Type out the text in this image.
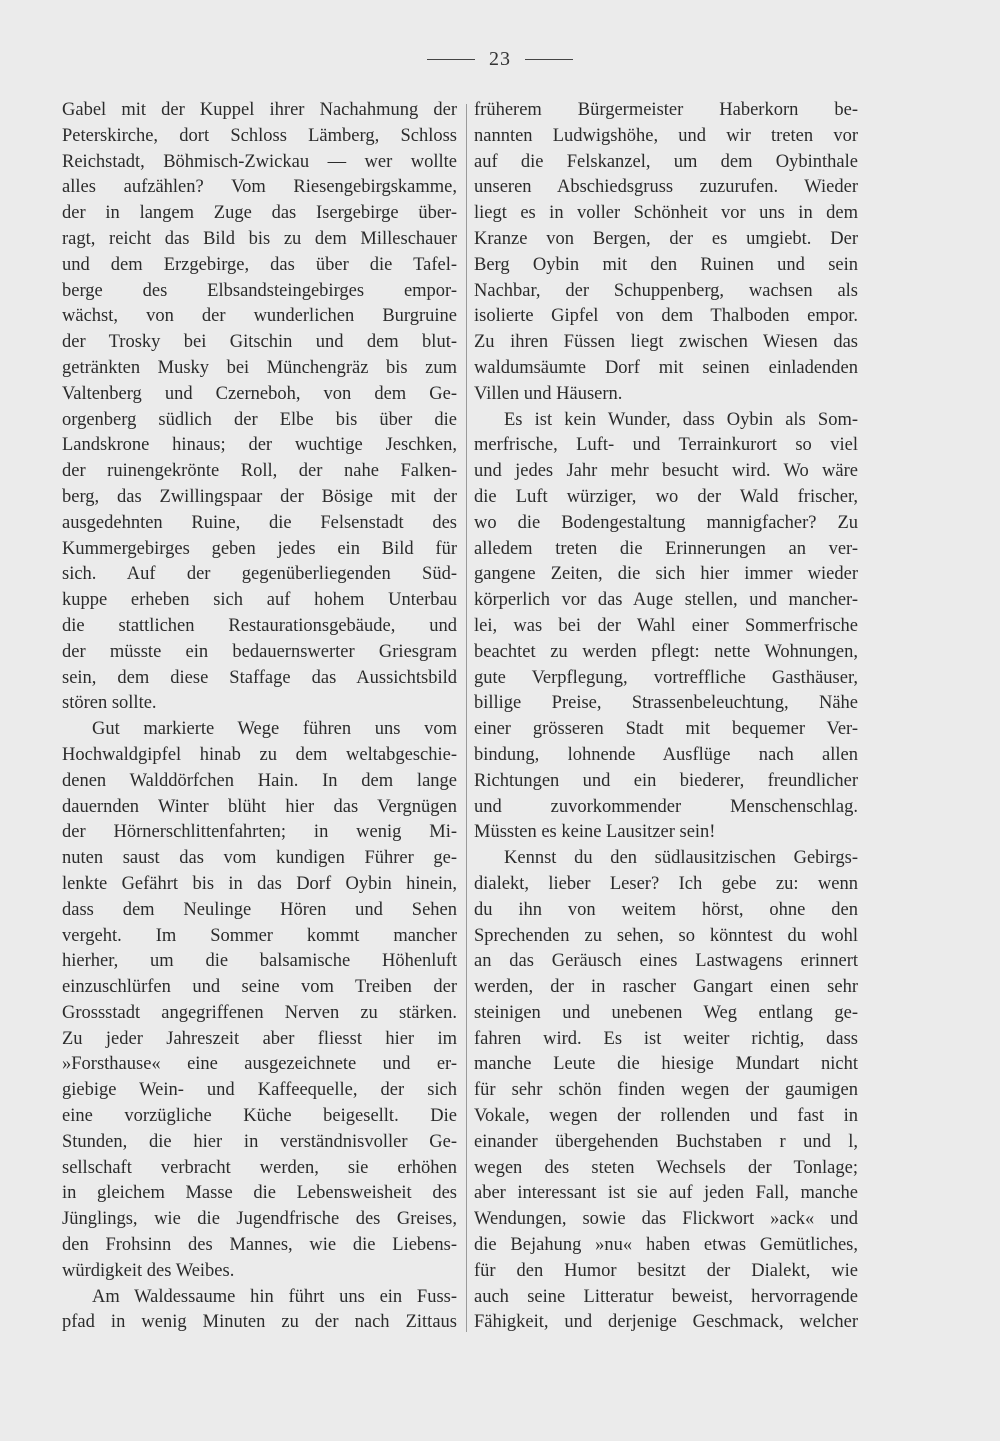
23
Gabel mit der Kuppel ihrer Nachahmung der
Peterskirche, dort Schloss Lämberg, Schloss
Reichstadt, Böhmisch-Zwickau — wer wollte
alles aufzählen? Vom Riesengebirgskamme,
der in langem Zuge das Isergebirge über-
ragt, reicht das Bild bis zu dem Milleschauer
und dem Erzgebirge, das über die Tafel-
berge des Elbsandsteingebirges empor-
wächst, von der wunderlichen Burgruine
der Trosky bei Gitschin und dem blut-
getränkten Musky bei Münchengräz bis zum
Valtenberg und Czerneboh, von dem Ge-
orgenberg südlich der Elbe bis über die
Landskrone hinaus; der wuchtige Jeschken,
der ruinengekrönte Roll, der nahe Falken-
berg, das Zwillingspaar der Bösige mit der
ausgedehnten Ruine, die Felsenstadt des
Kummergebirges geben jedes ein Bild für
sich. Auf der gegenüberliegenden Süd-
kuppe erheben sich auf hohem Unterbau
die stattlichen Restaurationsgebäude, und
der müsste ein bedauernswerter Griesgram
sein, dem diese Staffage das Aussichtsbild
stören sollte.
Gut markierte Wege führen uns vom
Hochwaldgipfel hinab zu dem weltabgeschie-
denen Walddörfchen Hain. In dem lange
dauernden Winter blüht hier das Vergnügen
der Hörnerschlittenfahrten; in wenig Mi-
nuten saust das vom kundigen Führer ge-
lenkte Gefährt bis in das Dorf Oybin hinein,
dass dem Neulinge Hören und Sehen
vergeht. Im Sommer kommt mancher
hierher, um die balsamische Höhenluft
einzuschlürfen und seine vom Treiben der
Grossstadt angegriffenen Nerven zu stärken.
Zu jeder Jahreszeit aber fliesst hier im
»Forsthause« eine ausgezeichnete und er-
giebige Wein- und Kaffeequelle, der sich
eine vorzügliche Küche beigesellt. Die
Stunden, die hier in verständnisvoller Ge-
sellschaft verbracht werden, sie erhöhen
in gleichem Masse die Lebensweisheit des
Jünglings, wie die Jugendfrische des Greises,
den Frohsinn des Mannes, wie die Liebens-
würdigkeit des Weibes.
Am Waldessaume hin führt uns ein Fuss-
pfad in wenig Minuten zu der nach Zittaus
früherem Bürgermeister Haberkorn be-
nannten Ludwigshöhe, und wir treten vor
auf die Felskanzel, um dem Oybinthale
unseren Abschiedsgruss zuzurufen. Wieder
liegt es in voller Schönheit vor uns in dem
Kranze von Bergen, der es umgiebt. Der
Berg Oybin mit den Ruinen und sein
Nachbar, der Schuppenberg, wachsen als
isolierte Gipfel von dem Thalboden empor.
Zu ihren Füssen liegt zwischen Wiesen das
waldumsäumte Dorf mit seinen einladenden
Villen und Häusern.
Es ist kein Wunder, dass Oybin als Som-
merfrische, Luft- und Terrainkurort so viel
und jedes Jahr mehr besucht wird. Wo wäre
die Luft würziger, wo der Wald frischer,
wo die Bodengestaltung mannigfacher? Zu
alledem treten die Erinnerungen an ver-
gangene Zeiten, die sich hier immer wieder
körperlich vor das Auge stellen, und mancher-
lei, was bei der Wahl einer Sommerfrische
beachtet zu werden pflegt: nette Wohnungen,
gute Verpflegung, vortreffliche Gasthäuser,
billige Preise, Strassenbeleuchtung, Nähe
einer grösseren Stadt mit bequemer Ver-
bindung, lohnende Ausflüge nach allen
Richtungen und ein biederer, freundlicher
und zuvorkommender Menschenschlag.
Müssten es keine Lausitzer sein!
Kennst du den südlausitzischen Gebirgs-
dialekt, lieber Leser? Ich gebe zu: wenn
du ihn von weitem hörst, ohne den
Sprechenden zu sehen, so könntest du wohl
an das Geräusch eines Lastwagens erinnert
werden, der in rascher Gangart einen sehr
steinigen und unebenen Weg entlang ge-
fahren wird. Es ist weiter richtig, dass
manche Leute die hiesige Mundart nicht
für sehr schön finden wegen der gaumigen
Vokale, wegen der rollenden und fast in
einander übergehenden Buchstaben r und l,
wegen des steten Wechsels der Tonlage;
aber interessant ist sie auf jeden Fall, manche
Wendungen, sowie das Flickwort »ack« und
die Bejahung »nu« haben etwas Gemütliches,
für den Humor besitzt der Dialekt, wie
auch seine Litteratur beweist, hervorragende
Fähigkeit, und derjenige Geschmack, welcher
